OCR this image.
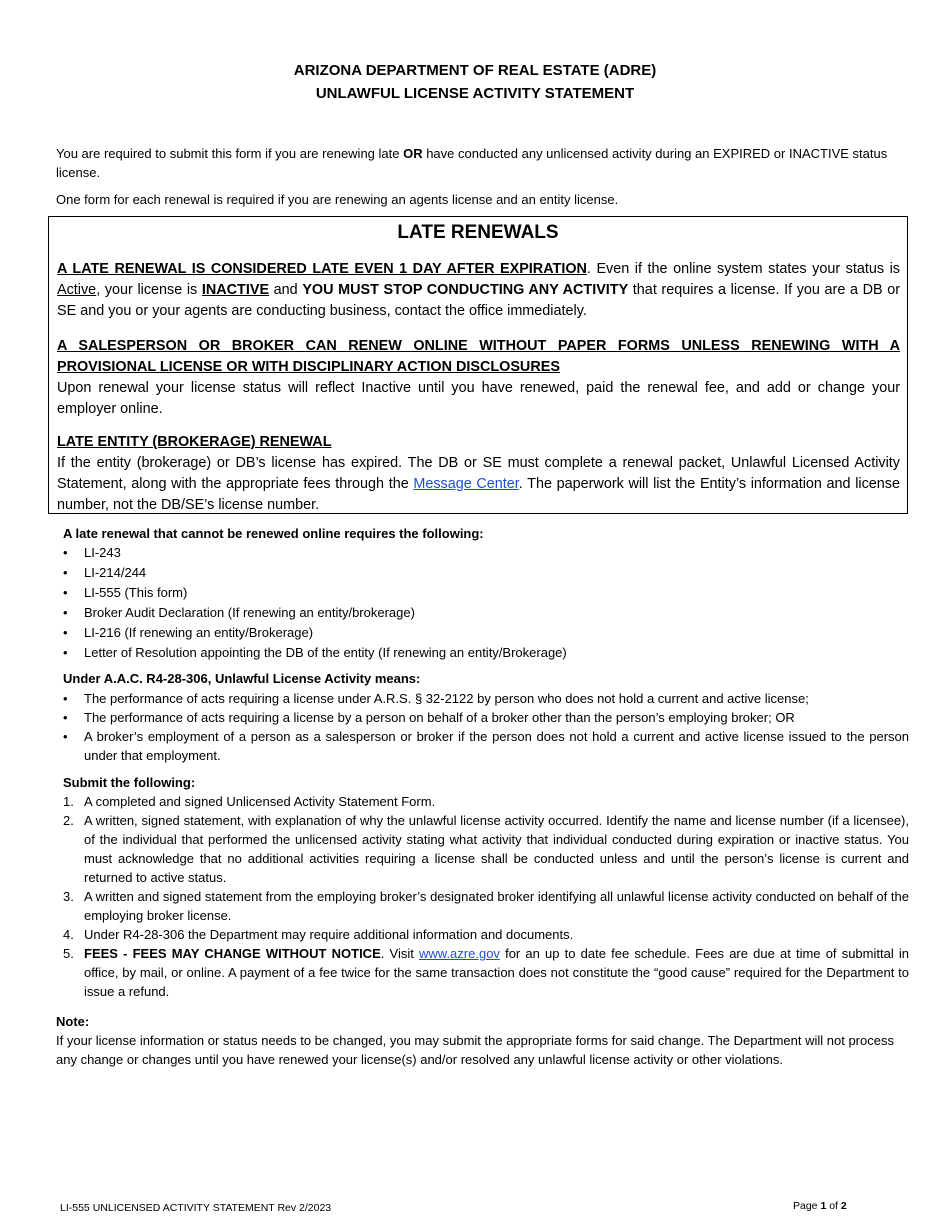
ARIZONA DEPARTMENT OF REAL ESTATE (ADRE)
UNLAWFUL LICENSE ACTIVITY STATEMENT
You are required to submit this form if you are renewing late OR have conducted any unlicensed activity during an EXPIRED or INACTIVE status license.
One form for each renewal is required if you are renewing an agents license and an entity license.
LATE RENEWALS
A LATE RENEWAL IS CONSIDERED LATE EVEN 1 DAY AFTER EXPIRATION. Even if the online system states your status is Active, your license is INACTIVE and YOU MUST STOP CONDUCTING ANY ACTIVITY that requires a license. If you are a DB or SE and you or your agents are conducting business, contact the office immediately.
A SALESPERSON OR BROKER CAN RENEW ONLINE WITHOUT PAPER FORMS UNLESS RENEWING WITH A PROVISIONAL LICENSE OR WITH DISCIPLINARY ACTION DISCLOSURES
Upon renewal your license status will reflect Inactive until you have renewed, paid the renewal fee, and add or change your employer online.
LATE ENTITY (BROKERAGE) RENEWAL
If the entity (brokerage) or DB’s license has expired. The DB or SE must complete a renewal packet, Unlawful Licensed Activity Statement, along with the appropriate fees through the Message Center. The paperwork will list the Entity’s information and license number, not the DB/SE’s license number.
A late renewal that cannot be renewed online requires the following:
• LI-243
• LI-214/244
• LI-555 (This form)
• Broker Audit Declaration (If renewing an entity/brokerage)
• LI-216 (If renewing an entity/Brokerage)
• Letter of Resolution appointing the DB of the entity (If renewing an entity/Brokerage)
Under A.A.C. R4-28-306, Unlawful License Activity means:
• The performance of acts requiring a license under A.R.S. § 32-2122 by person who does not hold a current and active license;
• The performance of acts requiring a license by a person on behalf of a broker other than the person’s employing broker; OR
• A broker’s employment of a person as a salesperson or broker if the person does not hold a current and active license issued to the person under that employment.
Submit the following:
1. A completed and signed Unlicensed Activity Statement Form.
2. A written, signed statement, with explanation of why the unlawful license activity occurred. Identify the name and license number (if a licensee), of the individual that performed the unlicensed activity stating what activity that individual conducted during expiration or inactive status. You must acknowledge that no additional activities requiring a license shall be conducted unless and until the person’s license is current and returned to active status.
3. A written and signed statement from the employing broker’s designated broker identifying all unlawful license activity conducted on behalf of the employing broker license.
4. Under R4-28-306 the Department may require additional information and documents.
5. FEES - FEES MAY CHANGE WITHOUT NOTICE. Visit www.azre.gov for an up to date fee schedule. Fees are due at time of submittal in office, by mail, or online. A payment of a fee twice for the same transaction does not constitute the “good cause” required for the Department to issue a refund.
Note:
If your license information or status needs to be changed, you may submit the appropriate forms for said change. The Department will not process any change or changes until you have renewed your license(s) and/or resolved any unlawful license activity or other violations.
LI-555 UNLICENSED ACTIVITY STATEMENT Rev 2/2023	Page 1 of 2
